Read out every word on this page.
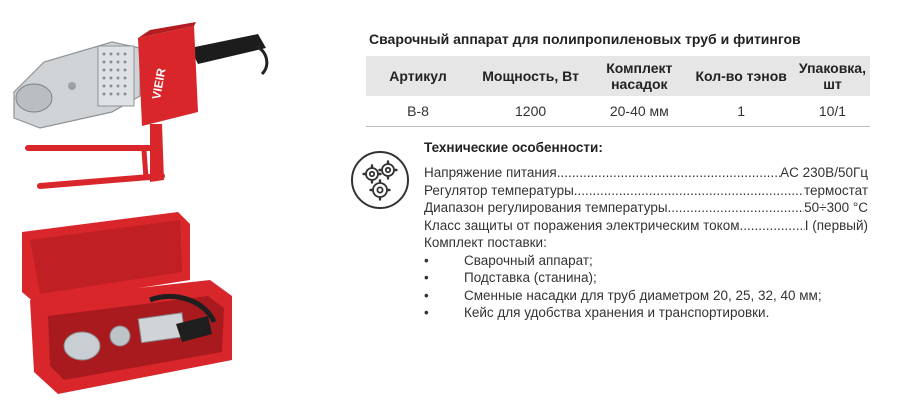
VIEIR
Сварочный аппарат для полипропиленовых труб и фитингов
Артикул	Мощность, Вт	Комплект насадок	Кол-во тэнов	Упаковка, шт
В-8	1200	20-40 мм	1	10/1
Технические особенности:
Напряжение питания .....	AC 230В/50Гц
Регулятор температуры .....	термостат
Диапазон регулирования температуры .....	50÷300 °С
Класс защиты от поражения электрическим током .....	I (первый)
Комплект поставки:
•	Сварочный аппарат;
•	Подставка (станина);
•	Сменные насадки для труб диаметром 20, 25, 32, 40 мм;
•	Кейс для удобства хранения и транспортировки.
